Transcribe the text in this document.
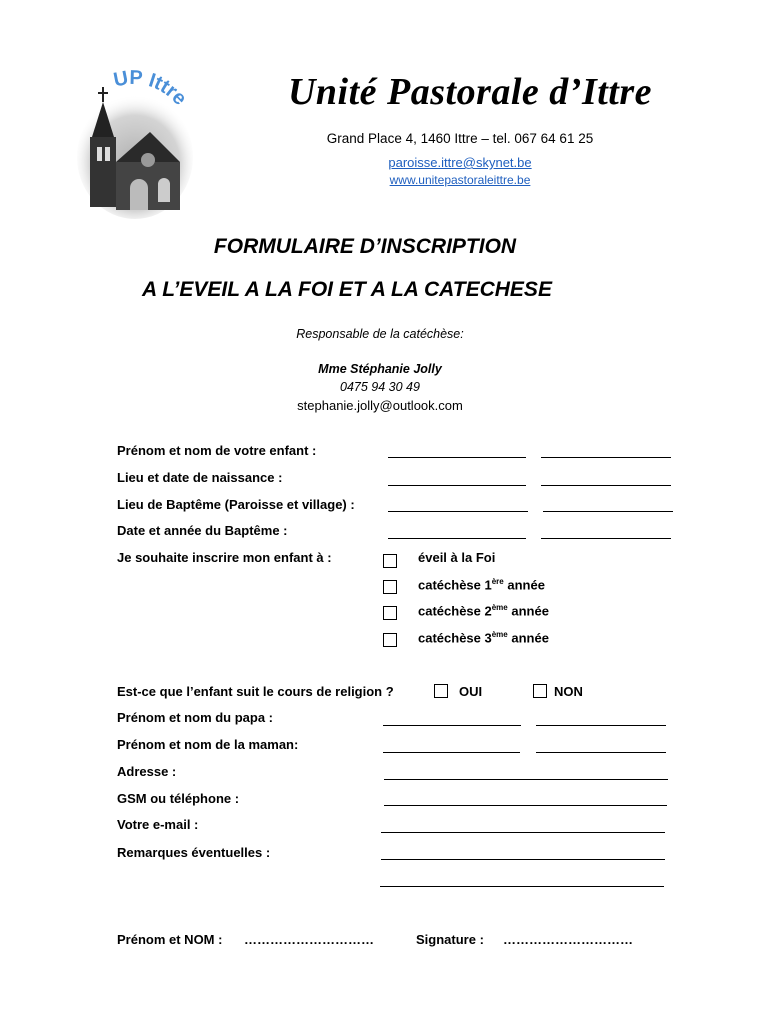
UP Ittre	Unité Pastorale d’Ittre
Grand Place 4, 1460 Ittre – tel. 067 64 61 25
paroisse.ittre@skynet.be
www.unitepastoraleittre.be
FORMULAIRE D’INSCRIPTION
A L’EVEIL A LA FOI ET A LA CATECHESE
Responsable de la catéchèse:
Mme Stéphanie Jolly
0475 94 30 49
stephanie.jolly@outlook.com
Prénom et nom de votre enfant :
Lieu et date de naissance :
Lieu de Baptême (Paroisse et village) :
Date et année du Baptême :
Je souhaite inscrire mon enfant à :	éveil à la Foi
catéchèse 1ère année
catéchèse 2ème année
catéchèse 3ème année
Est-ce que l’enfant suit le cours de religion ?	OUI	NON
Prénom et nom du papa :
Prénom et nom de la maman:
Adresse :
GSM ou téléphone :
Votre e-mail :
Remarques éventuelles :
Prénom et NOM : …………………………	Signature : …………………………
